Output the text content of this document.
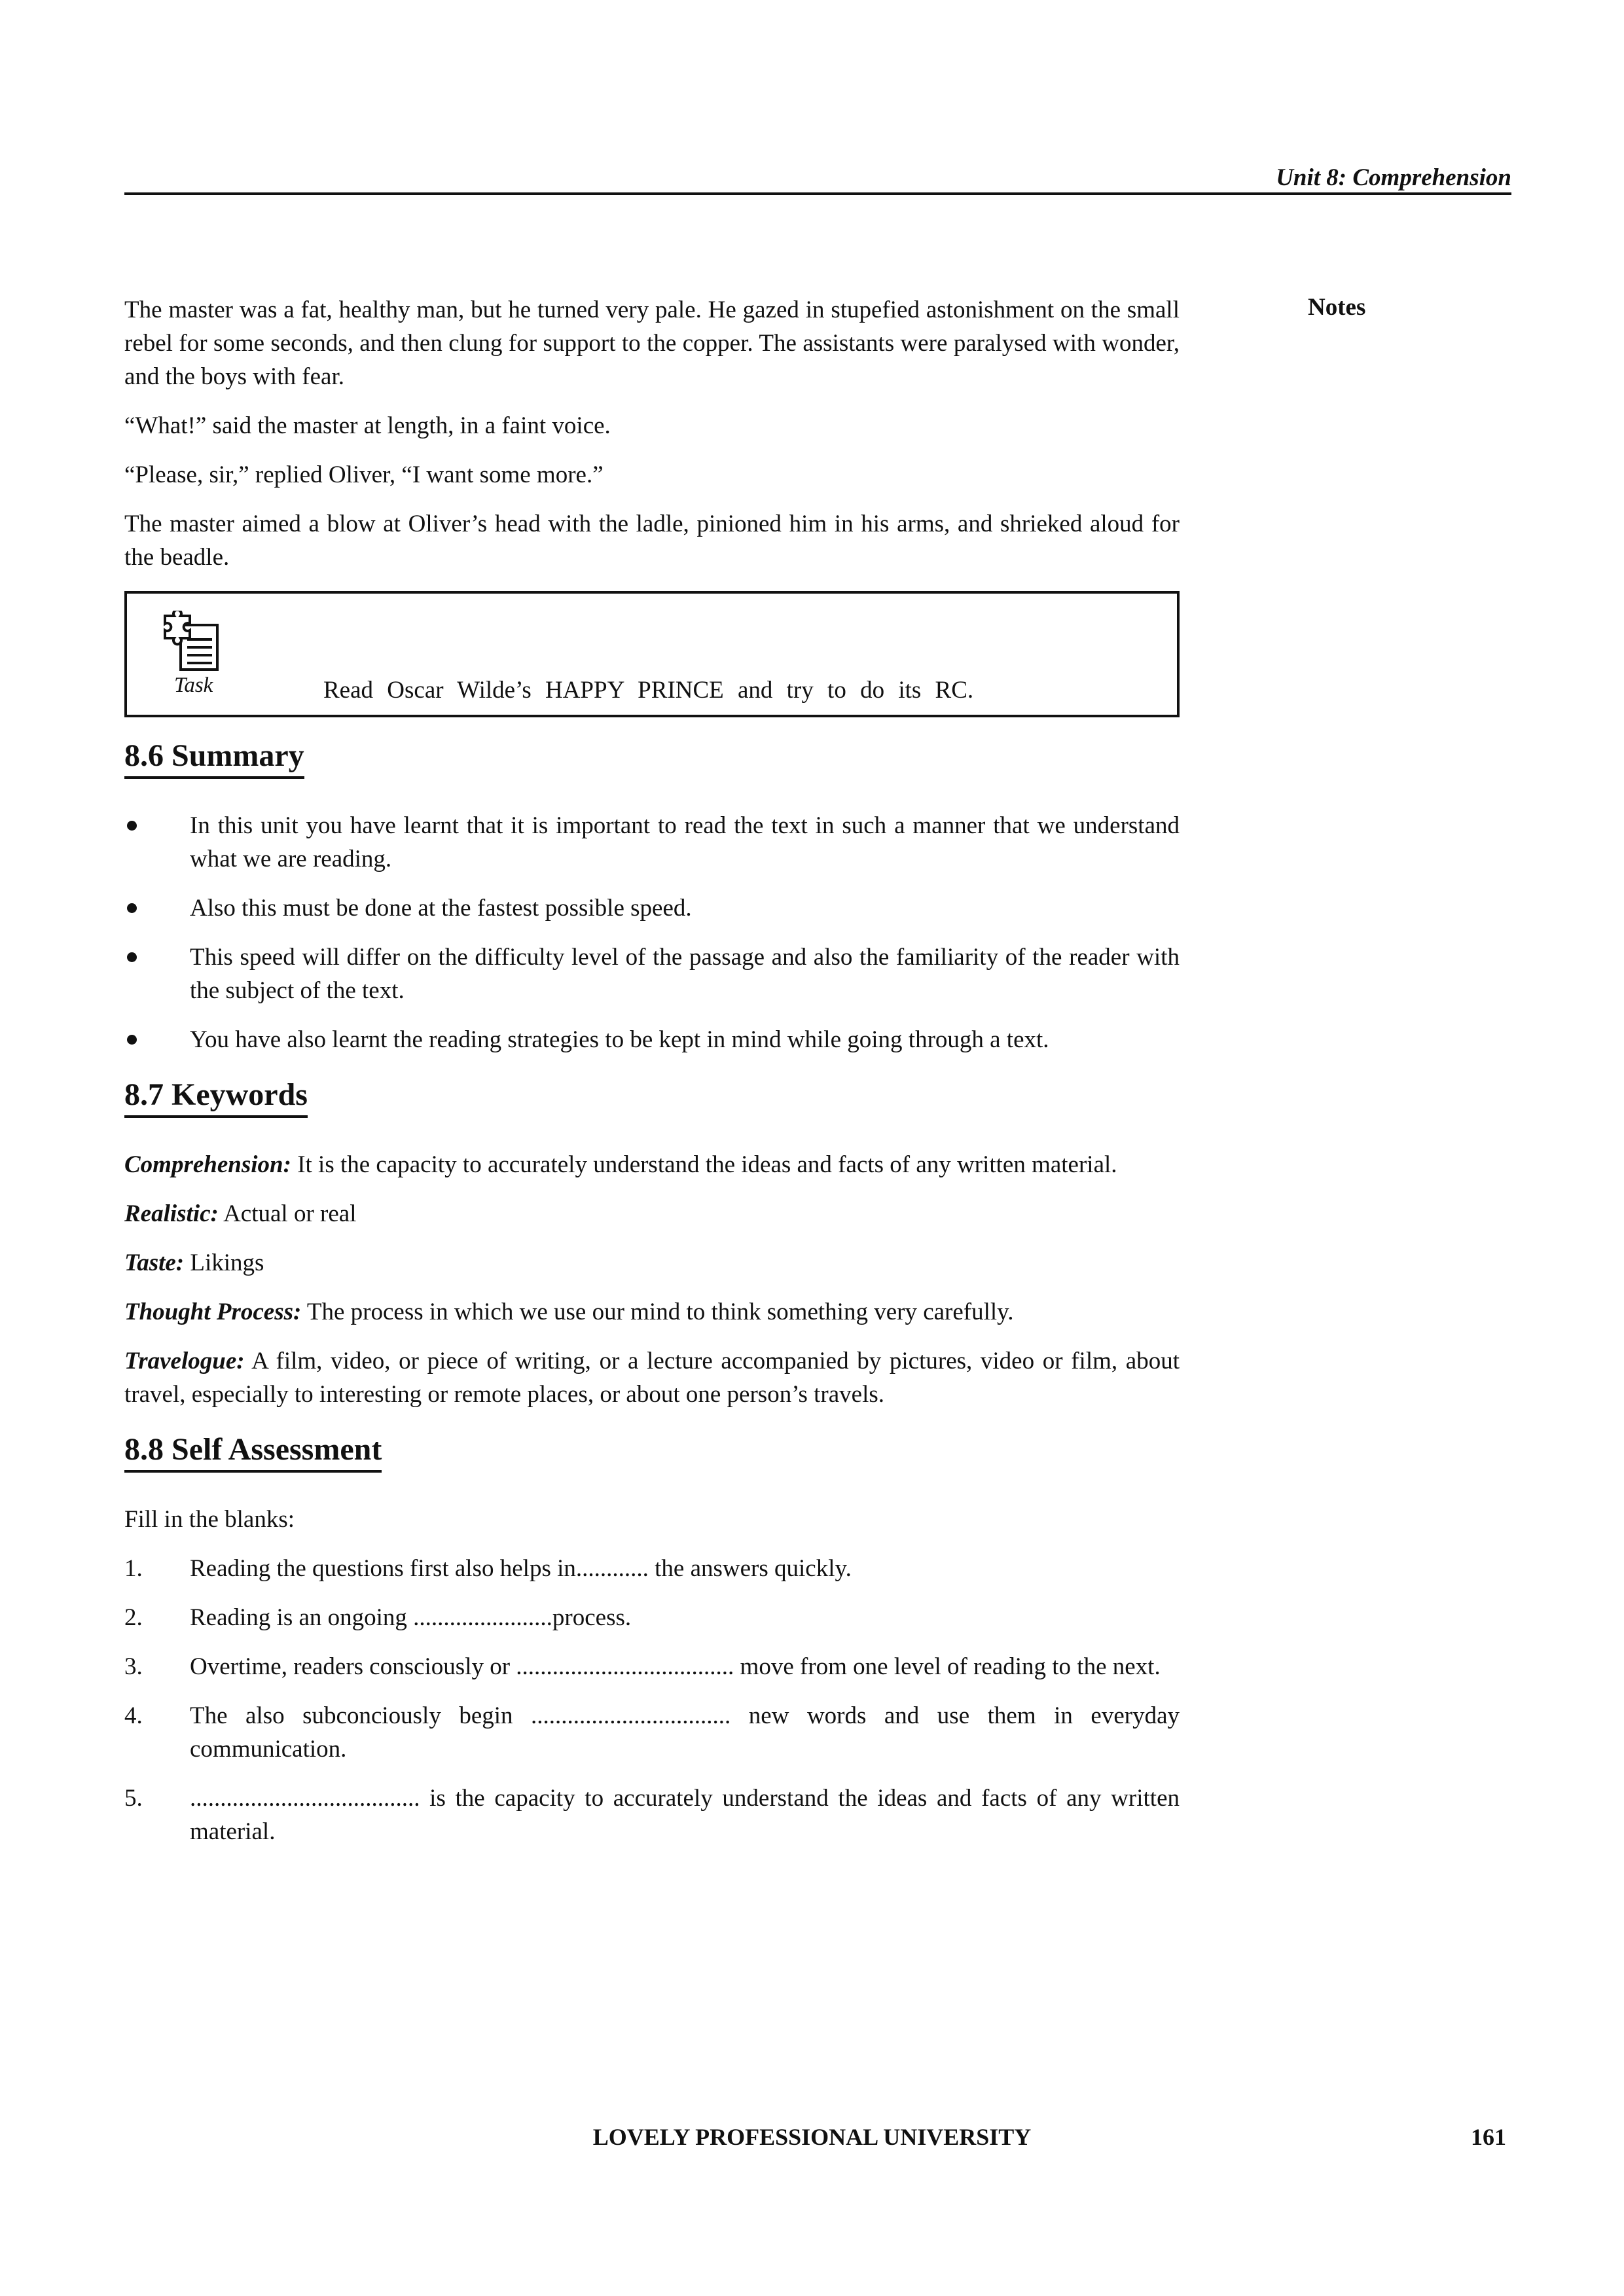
Unit 8: Comprehension
Notes

The master was a fat, healthy man, but he turned very pale. He gazed in stupefied astonishment on the small rebel for some seconds, and then clung for support to the copper. The assistants were paralysed with wonder, and the boys with fear.

“What!” said the master at length, in a faint voice.

“Please, sir,” replied Oliver, “I want some more.”

The master aimed a blow at Oliver’s head with the ladle, pinioned him in his arms, and shrieked aloud for the beadle.

Task	Read Oscar Wilde’s HAPPY PRINCE and try to do its RC.
8.6 Summary
In this unit you have learnt that it is important to read the text in such a manner that we understand what we are reading.
Also this must be done at the fastest possible speed.
This speed will differ on the difficulty level of the passage and also the familiarity of the reader with the subject of the text.
You have also learnt the reading strategies to be kept in mind while going through a text.
8.7 Keywords

Comprehension: It is the capacity to accurately understand the ideas and facts of any written material.

Realistic: Actual or real

Taste: Likings

Thought Process: The process in which we use our mind to think something very carefully.

Travelogue: A film, video, or piece of writing, or a lecture accompanied by pictures, video or film, about travel, especially to interesting or remote places, or about one person’s travels.

8.8 Self Assessment

Fill in the blanks:

1. Reading the questions first also helps in............ the answers quickly.
2. Reading is an ongoing .......................process.
3. Overtime, readers consciously or .................................... move from one level of reading to the next.
4. The also subconciously begin ................................. new words and use them in everyday communication.
5. ...................................... is the capacity to accurately understand the ideas and facts of any written material.
LOVELY PROFESSIONAL UNIVERSITY	161
